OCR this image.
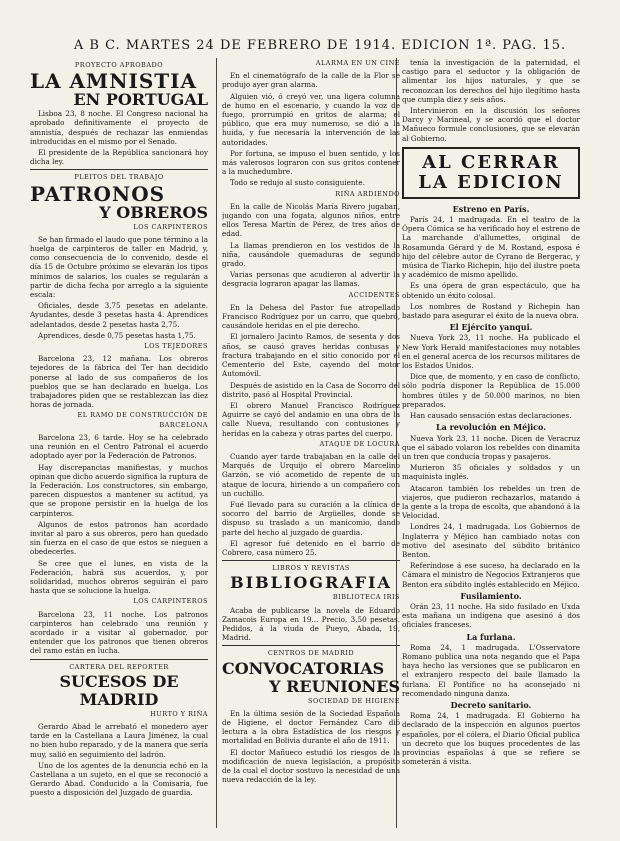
A B C. MARTES 24 DE FEBRERO DE 1914. EDICION 1ª. PAG. 15.
PROYECTO APROBADO
LA AMNISTIA
EN PORTUGAL

Lisboa 23, 8 noche. El Congreso nacional ha aprobado definitivamente el proyecto de amnistía, después de rechazar las enmiendas introducidas en el mismo por el Senado.

El presidente de la República sancionará hoy dicha ley.

PLEITOS DEL TRABAJO
PATRONOS
Y OBREROS
LOS CARPINTEROS

Se han firmado el laudo que pone término a la huelga de carpinteros de taller en Madrid, y, como consecuencia de lo convenido, desde el día 15 de Octubre próximo se elevarán los tipos mínimos de salarios, los cuales se regularán a partir de dicha fecha por arreglo a la siguiente escala:

Oficiales, desde 3,75 pesetas en adelante. Ayudantes, desde 3 pesetas hasta 4. Aprendices adelantados, desde 2 pesetas hasta 2,75.

Aprendices, desde 0,75 pesetas hasta 1,75.

LOS TEJEDORES

Barcelona 23, 12 mañana. Los obreros tejedores de la fábrica del Ter han decidido ponerse al lado de sus compañeros de los pueblos que se han declarado en huelga. Los trabajadores piden que se restablezcan las diez horas de jornada.

EL RAMO DE CONSTRUCCIÓN DE BARCELONA

Barcelona 23, 6 tarde. Hoy se ha celebrado una reunión en el Centro Patronal el acuerdo adoptado ayer por la Federación de Patronos.

Hay discrepancias manifiestas, y muchos opinan que dicho acuerdo significa la ruptura de la Federación. Los constructores, sin embargo, parecen dispuestos a mantener su actitud, ya que se propone persistir en la huelga de los carpinteros.

Algunos de estos patronos han acordado invitar al paro a sus obreros, pero han quedado sin fuerza en el caso de que estos se nieguen a obedecerles.

Se cree que el lunes, en vista de la Federación, habrá sus acuerdos, y, por solidaridad, muchos obreros seguirán el paro hasta que se solucione la huelga.

LOS CARPINTEROS

Barcelona 23, 11 noche. Los patronos carpinteros han celebrado una reunión y acordado ir a visitar al gobernador, por entender que los patronos que tienen obreros del ramo están en lucha.

CARTERA DEL REPORTER
SUCESOS DE MADRID
HURTO Y RIÑA

Gerardo Abad le arrebató el monedero ayer tarde en la Castellana a Laura Jiménez, la cual no bien hubo reparado, y de la manera que sería muy, salió en seguimiento del ladrón.

Uno de los agentes de la denuncia echó en la Castellana a un sujeto, en el que se reconoció a Gerardo Abad. Conducido a la Comisaría, fue puesto a disposición del Juzgado de guardia.

ALARMA EN UN CINE

En el cinematógrafo de la calle de la Flor se produjo ayer gran alarma.

Alguien vió, ó creyó ver, una ligera columna de humo en el escenario, y cuando la voz de fuego, prorrumpió en gritos de alarma; el público, que era muy numeroso, se dió a la huida, y fue necesaria la intervención de las autoridades.

Por fortuna, se impuso el buen sentido, y los más valerosos lograron con sus gritos contener a la muchedumbre.

Todo se redujo al susto consiguiente.

RIÑA ARDIENDO

En la calle de Nicolás María Rivero jugaban, jugando con una fogata, algunos niños, entre ellos Teresa Martín de Pérez, de tres años de edad.

La llamas prendieron en los vestidos de la niña, causándole quemaduras de segundo grado.

Varias personas que acudieron al advertir la desgracia lograron apagar las llamas.

ACCIDENTES

En la Dehesa del Pastor fue atropellado Francisco Rodríguez por un carro, que quebró, causándole heridas en el pie derecho.

El jornalero Jacinto Ramos, de sesenta y dos años, se causó graves heridas contusas y fractura trabajando en el sitio conocido por el Cementerio del Este, cayendo del motor Automóvil.

Después de asistido en la Casa de Socorro del distrito, pasó al Hospital Provincial.

El obrero Manuel Francisco Rodríguez Aguirre se cayó del andamio en una obra de la calle Nueva, resultando con contusiones y heridas en la cabeza y otras partes del cuerpo.

ATAQUE DE LOCURA

Cuando ayer tarde trabajaban en la calle del Marqués de Urquijo el obrero Marcelino Garzón, se vió acometido de repente de un ataque de locura, hiriendo a un compañero con un cuchillo.

Fué llevado para su curación a la clínica de socorro del barrio de Argüelles, donde se dispuso su traslado a un manicomio, dando parte del hecho al juzgado de guardia.

El agresor fué detenido en el barrio de Cobrero, casa número 25.

LIBROS Y REVISTAS
BIBLIOGRAFIA
BIBLIOTECA IRIS

Acaba de publicarse la novela de Eduardo Zamacois Europa en 19... Precio, 3,50 pesetas. Pedidos, á la viuda de Pueyo, Abada, 19, Madrid.

CENTROS DE MADRID
CONVOCATORIAS
Y REUNIONES
SOCIEDAD DE HIGIENE

En la última sesión de la Sociedad Española de Higiene, el doctor Fernández Caro dió lectura a la obra Estadística de los riesgos y mortalidad en Bolivia durante el año de 1911.

El doctor Mañueco estudió los riesgos de la modificación de nueva legislación, a propósito de la cual el doctor sostuvo la necesidad de una nueva redacción de la ley.

tenía la investigación de la paternidad, el castigo para el seductor y la obligación de alimentar los hijos naturales, y que se reconozcan los derechos del hijo ilegítimo hasta que cumpla diez y seis años.

Intervinieron en la discusión los señores Darcy y Marineal, y se acordó que el doctor Mañueco formule conclusiones, que se elevarán al Gobierno.

AL CERRAR
LA EDICION
Estreno en París.

París 24, 1 madrugada. En el teatro de la Ópera Cómica se ha verificado hoy el estreno de La marchande d'allumettes, original de Rosamunda Gérard y de M. Rostand, esposa é hijo del célebre autor de Cyrano de Bergerac, y música de Tiarko Richepin, hijo del ilustre poeta y académico de mismo apellido.

Es una ópera de gran espectáculo, que ha obtenido un éxito colosal.

Los nombres de Rostand y Richepin han bastado para asegurar el éxito de la nueva obra.

El Ejército yanqui.

Nueva York 23, 11 noche. Ha publicado el New York Herald manifestaciones muy notables en el general acerca de los recursos militares de los Estados Unidos.

Dice que, de momento, y en caso de conflicto, sólo podría disponer la República de 15.000 hombres útiles y de 50.000 marinos, no bien preparados.

Han causado sensación estas declaraciones.

La revolución en Méjico.

Nueva York 23, 11 noche. Dicen de Veracruz que el sábado volaron los rebeldes con dinamita un tren que conducía tropas y pasajeros.

Murieron 35 oficiales y soldados y un maquinista inglés.

Atacaron también los rebeldes un tren de viajeros, que pudieron rechazarlos, matando á la gente a la tropa de escolta, que abandonó á la Velocidad.

Londres 24, 1 madrugada. Los Gobiernos de Inglaterra y Méjico han cambiado notas con motivo del asesinato del súbdito británico Benton.

Referíndose á ese suceso, ha declarado en la Cámara el ministro de Negocios Extranjeros que Benton era súbdito inglés establecido en Méjico.

Fusilamiento.

Orán 23, 11 noche. Ha sido fusilado en Uxda esta mañana un indígena que asesinó á dos oficiales franceses.

La furlana.

Roma 24, 1 madrugada. L'Osservatore Romano publica una nota negando que el Papa haya hecho las versiones que se publicaron en el extranjero respecto del baile llamado la furlana. El Pontífice no ha aconsejado ni recomendado ninguna danza.

Decreto sanitario.

Roma 24, 1 madrugada. El Gobierno ha declarado de la inspección en algunos puertos españoles, por el cólera, el Diario Oficial publica un decreto que los buques procedentes de las provincias españolas á que se refiere se someterán á visita.
